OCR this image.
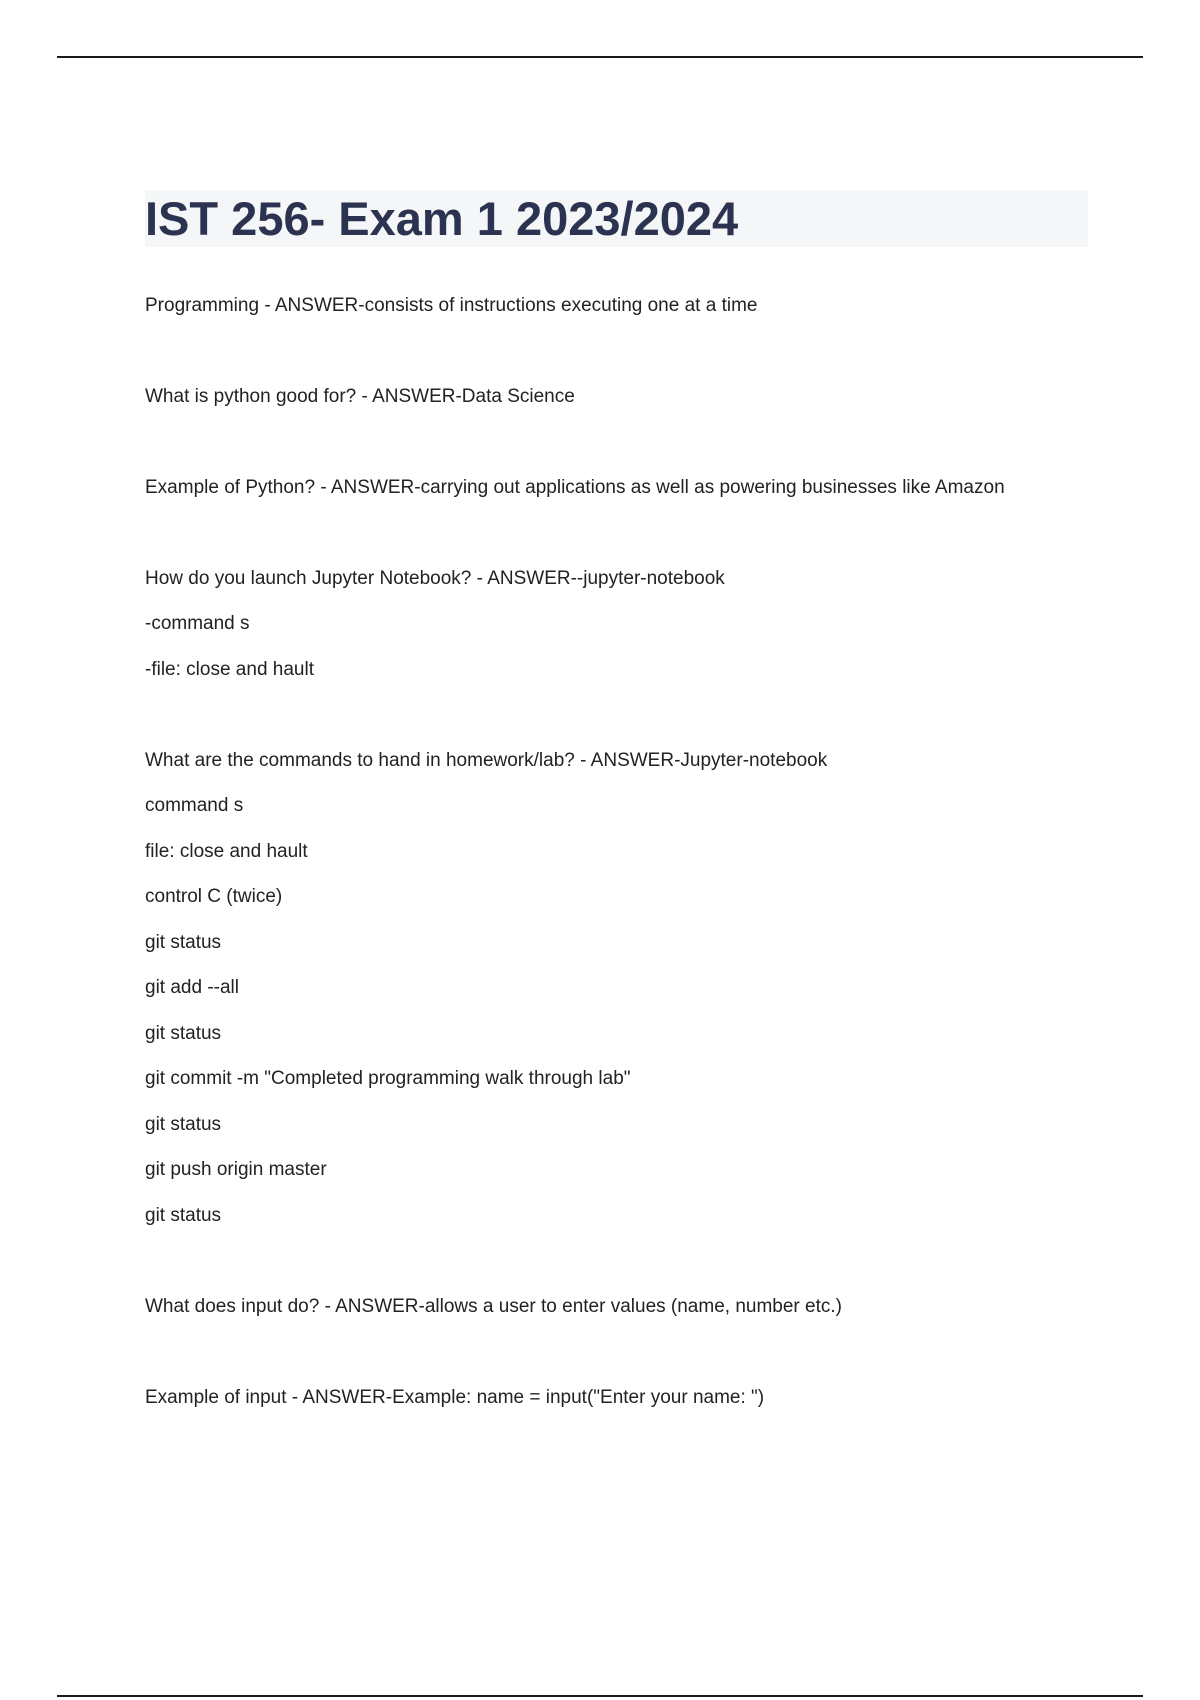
IST 256- Exam 1 2023/2024
Programming - ANSWER-consists of instructions executing one at a time
What is python good for? - ANSWER-Data Science
Example of Python? - ANSWER-carrying out applications as well as powering businesses like Amazon
How do you launch Jupyter Notebook? - ANSWER--jupyter-notebook
-command s
-file: close and hault
What are the commands to hand in homework/lab? - ANSWER-Jupyter-notebook
command s
file: close and hault
control C (twice)
git status
git add --all
git status
git commit -m "Completed programming walk through lab"
git status
git push origin master
git status
What does input do? - ANSWER-allows a user to enter values (name, number etc.)
Example of input - ANSWER-Example: name = input("Enter your name: ")
